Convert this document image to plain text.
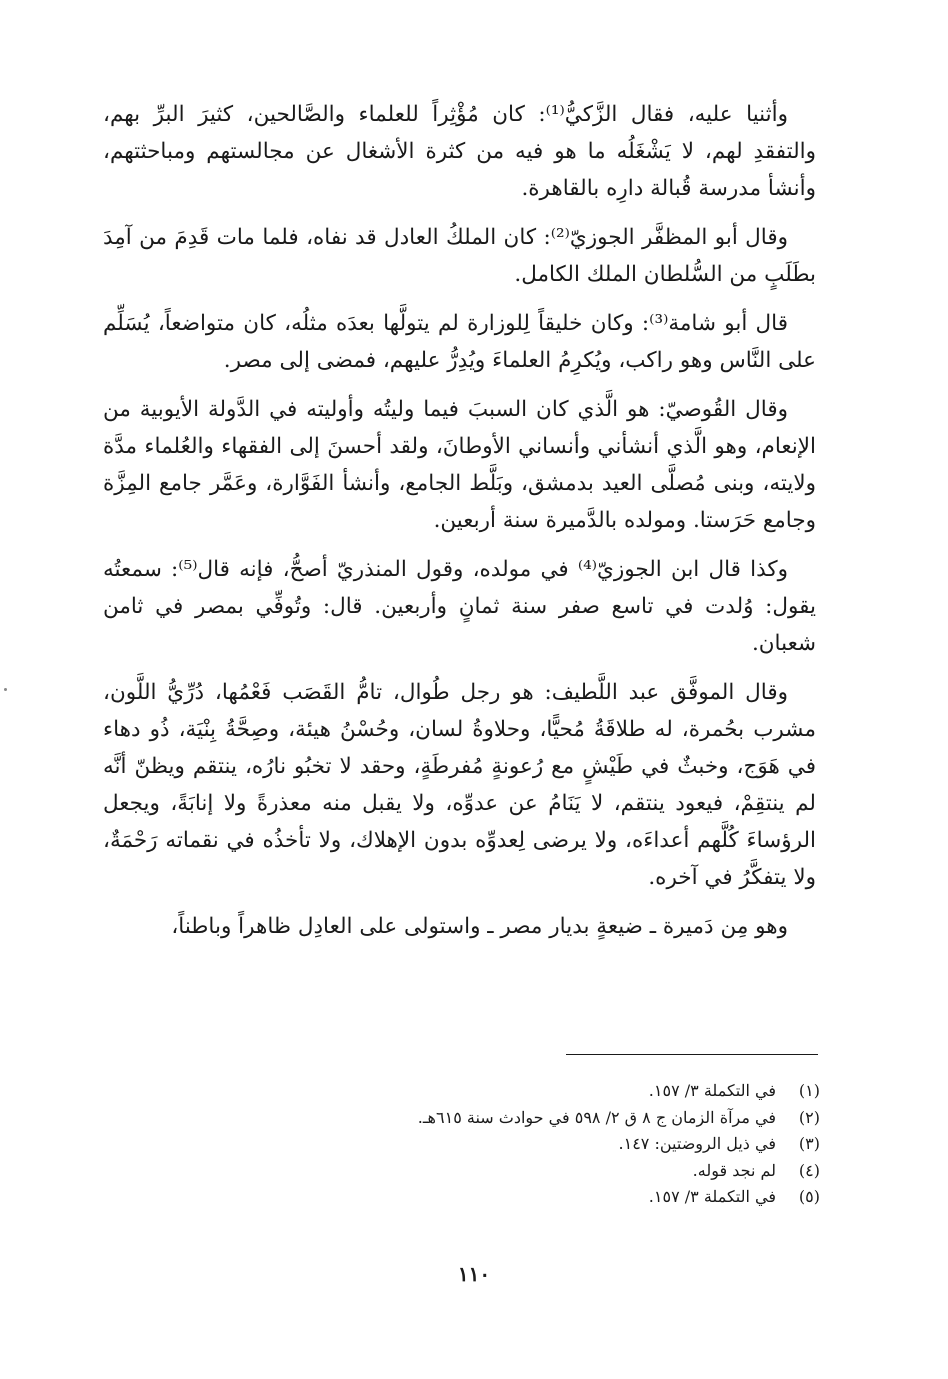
وأثنيا عليه، فقال الزَّكيُّ⁽¹⁾: كان مُؤْثِراً للعلماء والصَّالحين، كثيرَ البرِّ بهم، والتفقدِ لهم، لا يَشْغَلُه ما هو فيه من كثرة الأشغال عن مجالستهم ومباحثتهم، وأنشأ مدرسة قُبالة دارِه بالقاهرة.

وقال أبو المظفَّر الجوزيّ⁽²⁾: كان الملكُ العادل قد نفاه، فلما مات قَدِمَ من آمِدَ بطَلَبٍ من السُّلطان الملك الكامل.

قال أبو شامة⁽³⁾: وكان خليقاً لِلوزارة لم يتولَّها بعدَه مثلُه، كان متواضعاً، يُسَلِّم على النَّاس وهو راكب، ويُكرِمُ العلماءَ ويُدِرُّ عليهم، فمضى إلى مصر.

وقال القُوصيّ: هو الَّذي كان السببَ فيما وليتُه وأوليته في الدَّولة الأيوبية من الإنعام، وهو الَّذي أنشأني وأنساني الأوطانَ، ولقد أحسنَ إلى الفقهاء والعُلماء مدَّة ولايته، وبنى مُصلَّى العيد بدمشق، وبَلَّط الجامع، وأنشأ الفَوَّارة، وعَمَّر جامع المِزَّة وجامع حَرَستا. ومولده بالدَّميرة سنة أربعين.

وكذا قال ابن الجوزيّ⁽⁴⁾ في مولده، وقول المنذريّ أصحُّ، فإنه قال⁽⁵⁾: سمعتُه يقول: وُلدت في تاسع صفر سنة ثمانٍ وأربعين. قال: وتُوفِّي بمصر في ثامن شعبان.

وقال الموفَّق عبد اللَّطيف: هو رجل طُوال، تامُّ القَصَب فَعْمُها، دُرِّيُّ اللَّون، مشرب بحُمرة، له طلاقَةُ مُحيًّا، وحلاوةُ لسان، وحُسْنُ هيئة، وصِحَّةُ بِنْيَة، ذُو دهاء في هَوَج، وخبثٌ في طَيْشٍ مع رُعونةٍ مُفرطَةٍ، وحقد لا تخبُو نارُه، ينتقم ويظنّ أنَّه لم ينتقِمْ، فيعود ينتقم، لا يَنَامُ عن عدوِّه، ولا يقبل منه معذرةً ولا إنابَةً، ويجعل الرؤساءَ كُلَّهم أعداءَه، ولا يرضى لِعدوِّه بدون الإهلاك، ولا تأخذُه في نقماته رَحْمَةٌ، ولا يتفكَّرُ في آخره.

وهو مِن دَميرة ـ ضيعةٍ بديار مصر ـ واستولى على العادِل ظاهراً وباطناً،

(١)
في التكملة ٣/ ١٥٧.
(٢)
في مرآة الزمان ج ٨ ق ٢/ ٥٩٨ في حوادث سنة ٦١٥هـ.
(٣)
في ذيل الروضتين: ١٤٧.
(٤)
لم نجد قوله.
(٥)
في التكملة ٣/ ١٥٧.
١١٠
